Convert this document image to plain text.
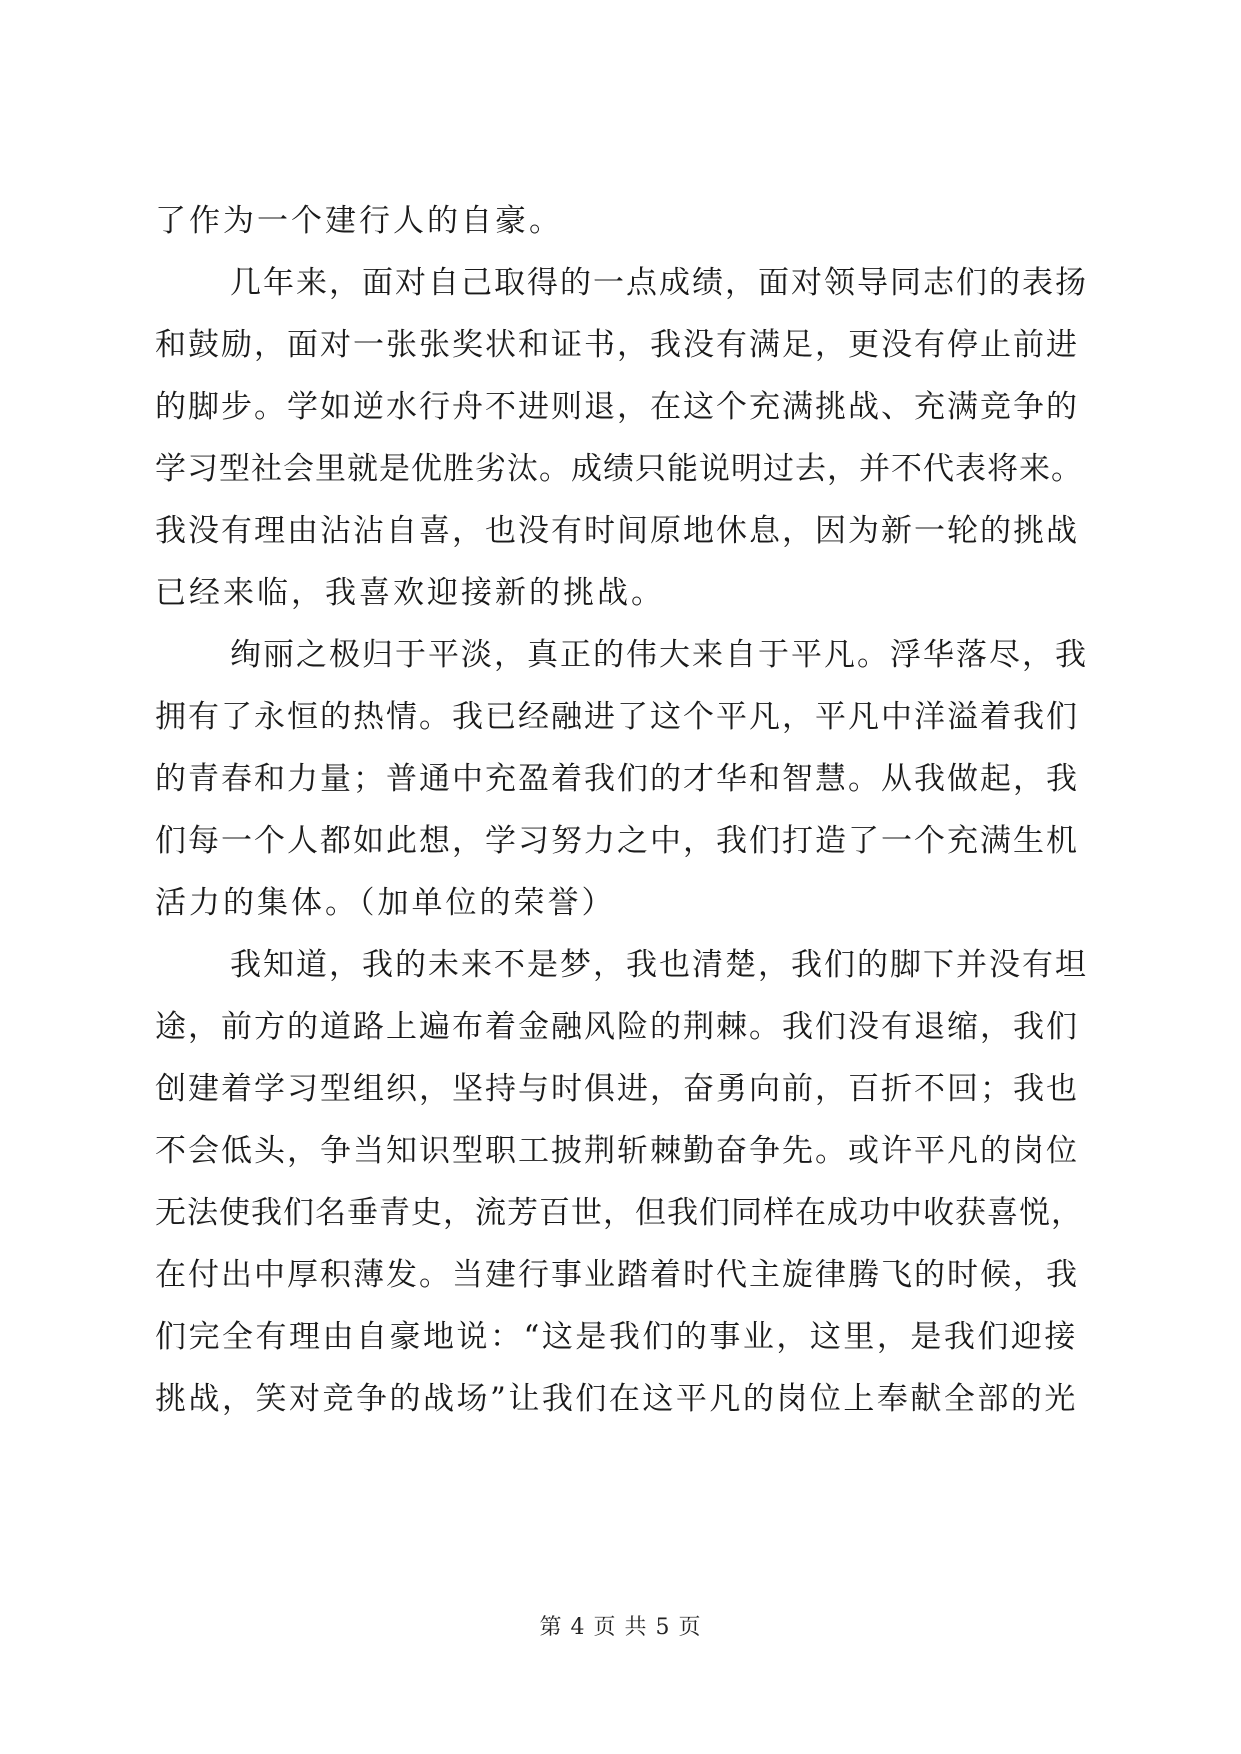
了作为一个建行人的自豪。
几年来，面对自己取得的一点成绩，面对领导同志们的表扬
和鼓励，面对一张张奖状和证书，我没有满足，更没有停止前进
的脚步。学如逆水行舟不进则退，在这个充满挑战、充满竞争的
学习型社会里就是优胜劣汰。成绩只能说明过去，并不代表将来。
我没有理由沾沾自喜，也没有时间原地休息，因为新一轮的挑战
已经来临，我喜欢迎接新的挑战。
绚丽之极归于平淡，真正的伟大来自于平凡。浮华落尽，我
拥有了永恒的热情。我已经融进了这个平凡，平凡中洋溢着我们
的青春和力量；普通中充盈着我们的才华和智慧。从我做起，我
们每一个人都如此想，学习努力之中，我们打造了一个充满生机
活力的集体。（加单位的荣誉）
我知道，我的未来不是梦，我也清楚，我们的脚下并没有坦
途，前方的道路上遍布着金融风险的荆棘。我们没有退缩，我们
创建着学习型组织，坚持与时俱进，奋勇向前，百折不回；我也
不会低头，争当知识型职工披荆斩棘勤奋争先。或许平凡的岗位
无法使我们名垂青史，流芳百世，但我们同样在成功中收获喜悦，
在付出中厚积薄发。当建行事业踏着时代主旋律腾飞的时候，我
们完全有理由自豪地说：“这是我们的事业，这里，是我们迎接
挑战，笑对竞争的战场”让我们在这平凡的岗位上奉献全部的光
第 4 页 共 5 页
